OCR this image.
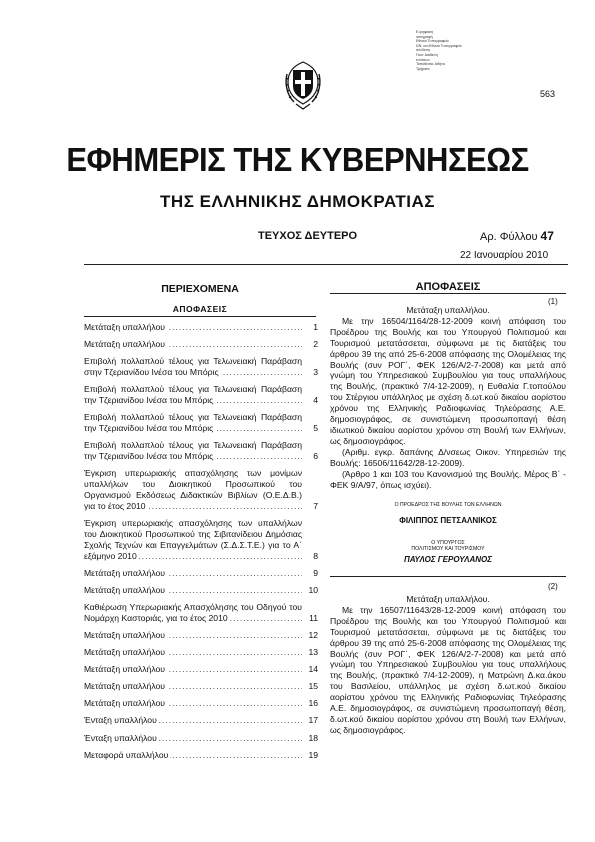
Ε.ψηφιακή
υπογραφή
Εθνικό Τυπογραφείο
DN: cn=Εθνικό Τυπογραφείο
σύνδεση
Ποσ: Διάθεση
εντύπων
Τοποθεσία: Αθήνα
Τμήματα
563
ΕΦΗΜΕΡΙΣ ΤΗΣ ΚΥΒΕΡΝΗΣΕΩΣ
ΤΗΣ ΕΛΛΗΝΙΚΗΣ ΔΗΜΟΚΡΑΤΙΑΣ
ΤΕΥΧΟΣ ΔΕΥΤΕΡΟ	Αρ. Φύλλου 47
22 Ιανουαρίου 2010
ΠΕΡΙΕΧΟΜΕΝΑ
ΑΠΟΦΑΣΕΙΣ
Μετάταξη υπαλλήλου .....	1
Μετάταξη υπαλλήλου .....	2
Επιβολή πολλαπλού τέλους για Τελωνειακή Παράβαση στην Τζεριανίδου Ινέσα του Μπόρις .....	3
Επιβολή πολλαπλού τέλους για Τελωνειακή Παράβαση την Τζεριανίδου Ινέσα του Μπόρις .....	4
Επιβολή πολλαπλού τέλους για Τελωνειακή Παράβαση την Τζεριανίδου Ινέσα του Μπόρις .....	5
Επιβολή πολλαπλού τέλους για Τελωνειακή Παράβαση την Τζεριανίδου Ινέσα του Μπόρις .....	6
Έγκριση υπερωριακής απασχόλησης των μονίμων υπαλλήλων του Διοικητικού Προσωπικού του Οργανισμού Εκδόσεως Διδακτικών Βιβλίων (Ο.Ε.Δ.Β.) για το έτος 2010 .....	7
Έγκριση υπερωριακής απασχόλησης των υπαλλήλων του Διοικητικού Προσωπικού της Σιβιτανίδειου Δημόσιας Σχολής Τεχνών και Επαγγελμάτων (Σ.Δ.Σ.Τ.Ε.) για το Α΄ εξάμηνο 2010 .....	8
Μετάταξη υπαλλήλου .....	9
Μετάταξη υπαλλήλου .....	10
Καθιέρωση Υπερωριακής Απασχόλησης του Οδηγού του Νομάρχη Καστοριάς, για το έτος 2010 .....	11
Μετάταξη υπαλλήλου .....	12
Μετάταξη υπαλλήλου .....	13
Μετάταξη υπαλλήλου .....	14
Μετάταξη υπαλλήλου .....	15
Μετάταξη υπαλλήλου .....	16
Ένταξη υπαλλήλου .....	17
Ένταξη υπαλλήλου .....	18
Μεταφορά υπαλλήλου .....	19
ΑΠΟΦΑΣΕΙΣ
(1)
Μετάταξη υπαλλήλου.

Με την 16504/1164/28-12-2009 κοινή απόφαση του Προέδρου της Βουλής και του Υπουργού Πολιτισμού και Τουρισμού μετατάσσεται, σύμφωνα με τις διατάξεις του άρθρου 39 της από 25-6-2008 απόφασης της Ολομέλειας της Βουλής (συν ΡΟΓ΄, ΦΕΚ 126/Α/2-7-2008) και μετά από γνώμη του Υπηρεσιακού Συμβουλίου για τους υπαλλήλους της Βουλής, (πρακτικό 7/4-12-2009), η Ευθαλία Γ.τοπούλου του Στέργιου υπάλληλος με σχέση δ.ωτ.κού δικαίου αορίστου χρόνου της Ελληνικής Ραδιοφωνίας Τηλεόρασης Α.Ε. δημοσιογράφος, σε συνιστώμενη προσωποπαγή θέση ιδιωτικού δικαίου αορίστου χρόνου στη Βουλή των Ελλήνων, ως δημοσιογράφος.

(Αριθμ. εγκρ. δαπάνης Δ/νσεως Οικον. Υπηρεσιών της Βουλής: 16506/11642/28-12-2009).

(Άρθρο 1 και 103 του Κανονισμού της Βουλής. Μέρος Β΄ - ΦΕΚ 9/Α/97, όπως ισχύει).

Ο ΠΡΟΕΔΡΟΣ ΤΗΣ ΒΟΥΛΗΣ ΤΩΝ ΕΛΛΗΝΩΝ
ΦΙΛΙΠΠΟΣ ΠΕΤΣΑΛΝΙΚΟΣ
Ο ΥΠΟΥΡΓΟΣ
ΠΟΛΙΤΙΣΜΟΥ ΚΑΙ ΤΟΥΡΙΣΜΟΥ
ΠΑΥΛΟΣ ΓΕΡΟΥΛΑΝΟΣ
(2)
Μετάταξη υπαλλήλου.

Με την 16507/11643/28-12-2009 κοινή απόφαση του Προέδρου της Βουλής και του Υπουργού Πολιτισμού και Τουρισμού μετατάσσεται, σύμφωνα με τις διατάξεις του άρθρου 39 της από 25-6-2008 απόφασης της Ολομέλειας της Βουλής (συν ΡΟΓ΄, ΦΕΚ 126/Α/2-7-2008) και μετά από γνώμη του Υπηρεσιακού Συμβουλίου για τους υπαλλήλους της Βουλής, (πρακτικό 7/4-12-2009), η Ματρώνη Δ.κα.άκου του Βασιλείου, υπάλληλος με σχέση δ.ωτ.κού δικαίου αορίστου χρόνου της Ελληνικής Ραδιοφωνίας Τηλεόρασης Α.Ε. δημοσιογράφος, σε συνιστώμενη προσωποπαγή θέση, δ.ωτ.κού δικαίου αορίστου χρόνου στη Βουλή των Ελλήνων, ως δημοσιογράφος.
